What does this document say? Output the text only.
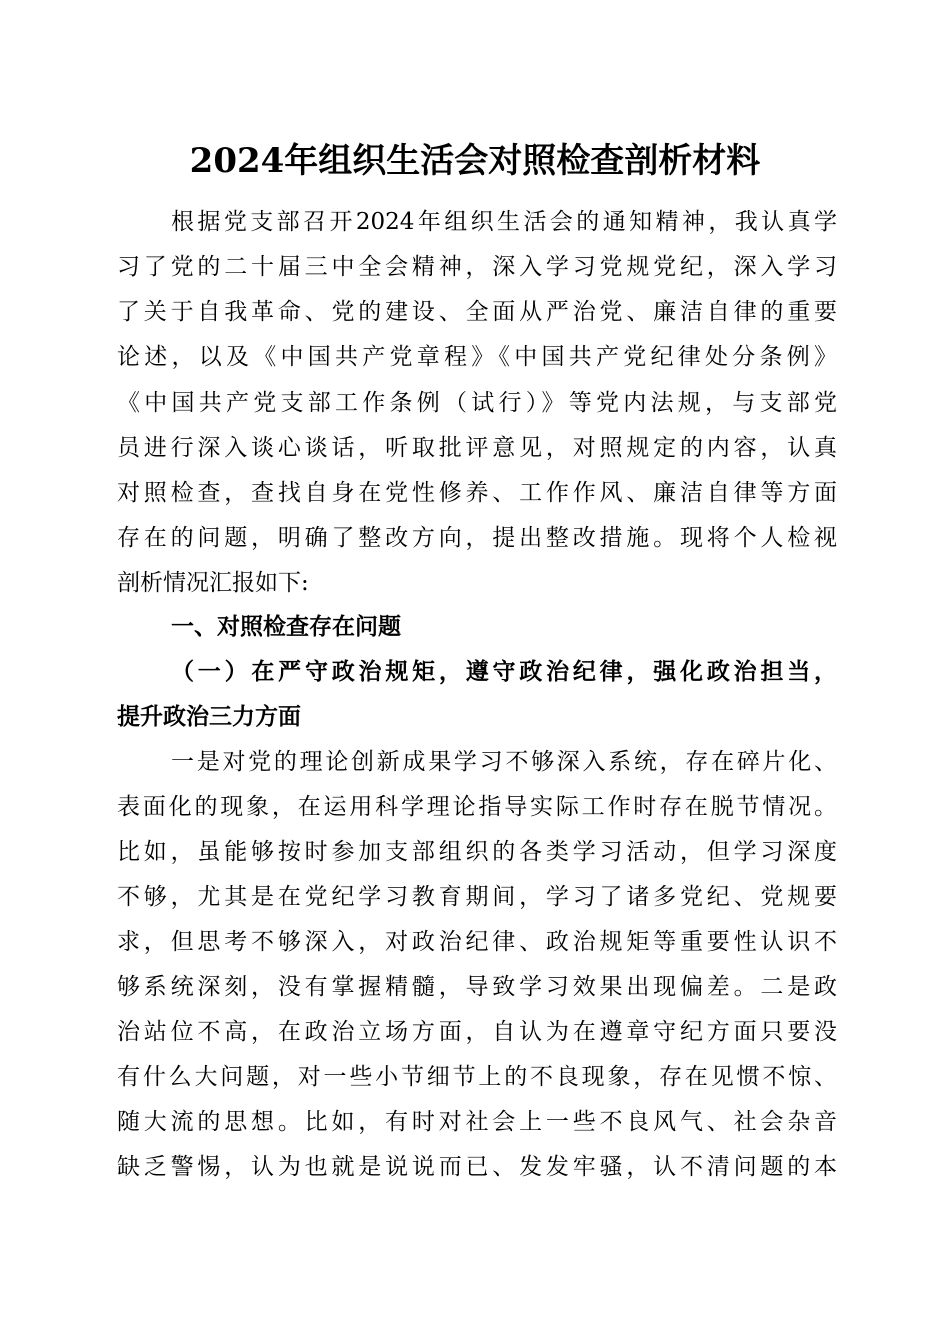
2024年组织生活会对照检查剖析材料
根据党支部召开2024年组织生活会的通知精神，我认真学
习了党的二十届三中全会精神，深入学习党规党纪，深入学习
了关于自我革命、党的建设、全面从严治党、廉洁自律的重要
论述，以及《中国共产党章程》《中国共产党纪律处分条例》
《中国共产党支部工作条例（试行）》等党内法规，与支部党
员进行深入谈心谈话，听取批评意见，对照规定的内容，认真
对照检查，查找自身在党性修养、工作作风、廉洁自律等方面
存在的问题，明确了整改方向，提出整改措施。现将个人检视
剖析情况汇报如下:
一、对照检查存在问题
（一）在严守政治规矩，遵守政治纪律，强化政治担当，
提升政治三力方面
一是对党的理论创新成果学习不够深入系统，存在碎片化、
表面化的现象，在运用科学理论指导实际工作时存在脱节情况。
比如，虽能够按时参加支部组织的各类学习活动，但学习深度
不够，尤其是在党纪学习教育期间，学习了诸多党纪、党规要
求，但思考不够深入，对政治纪律、政治规矩等重要性认识不
够系统深刻，没有掌握精髓，导致学习效果出现偏差。二是政
治站位不高，在政治立场方面，自认为在遵章守纪方面只要没
有什么大问题，对一些小节细节上的不良现象，存在见惯不惊、
随大流的思想。比如，有时对社会上一些不良风气、社会杂音
缺乏警惕，认为也就是说说而已、发发牢骚，认不清问题的本
